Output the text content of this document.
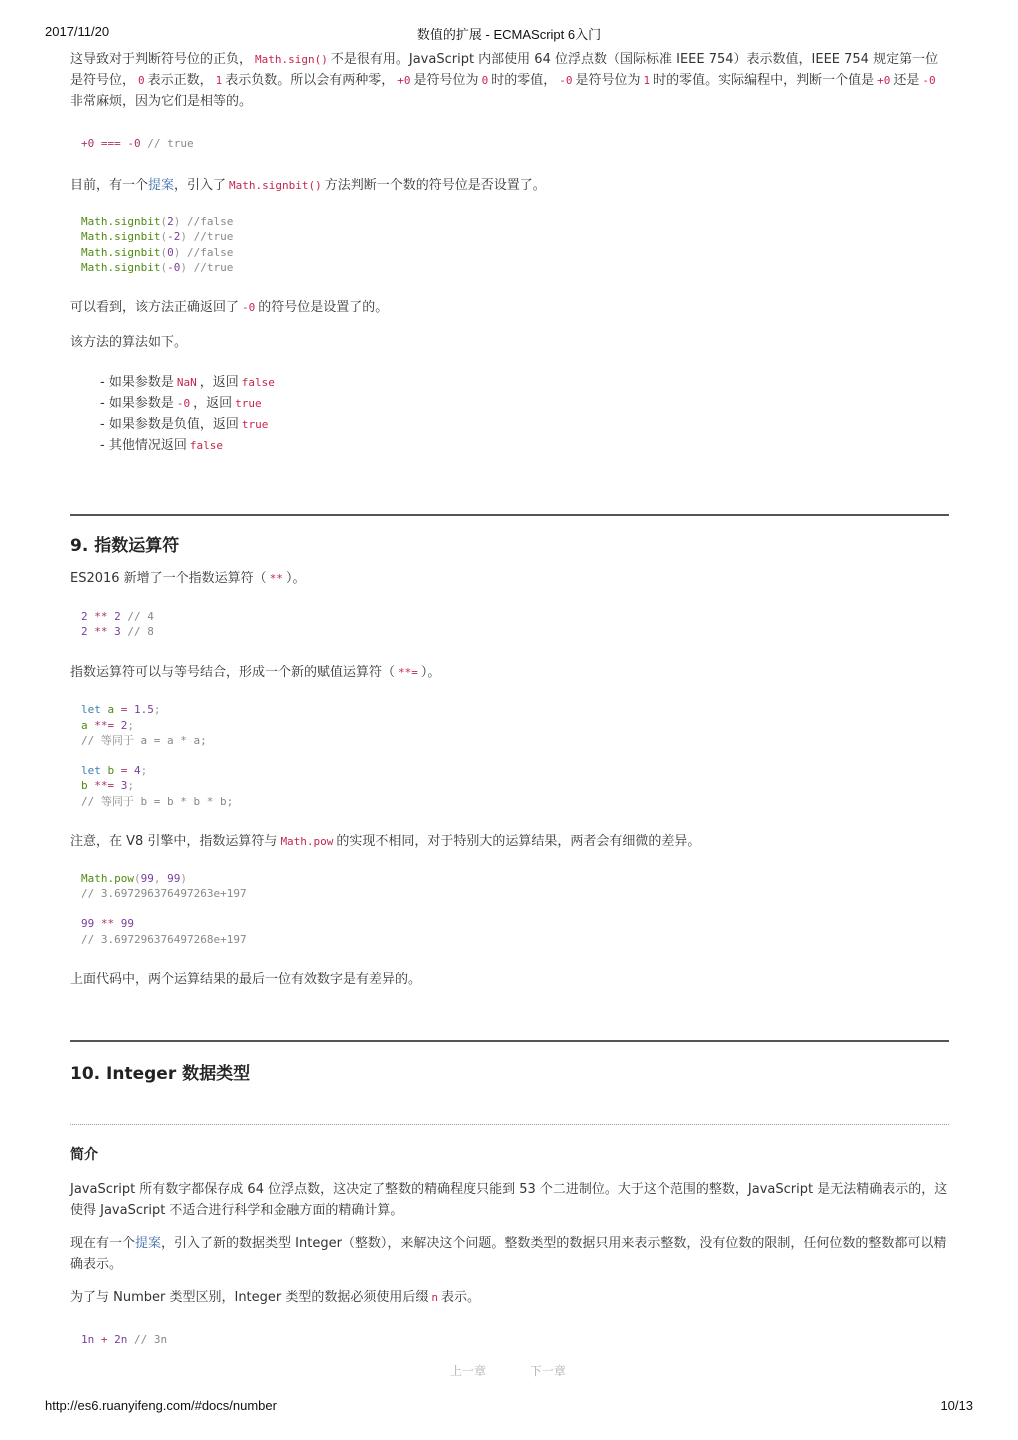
2017/11/20	数值的扩展 - ECMAScript 6入门

这导致对于判断符号位的正负， Math.sign() 不是很有用。JavaScript 内部使用 64 位浮点数（国际标准 IEEE 754）表示数值，IEEE 754 规定第一位是符号位， 0 表示正数， 1 表示负数。所以会有两种零， +0 是符号位为 0 时的零值， -0 是符号位为 1 时的零值。实际编程中，判断一个值是 +0 还是 -0非常麻烦，因为它们是相等的。

+0 === -0 // true

目前，有一个提案，引入了 Math.signbit() 方法判断一个数的符号位是否设置了。

Math.signbit(2) //false
Math.signbit(-2) //true
Math.signbit(0) //false
Math.signbit(-0) //true

可以看到，该方法正确返回了 -0 的符号位是设置了的。

该方法的算法如下。

- 如果参数是 NaN ，返回 false
- 如果参数是 -0 ，返回 true
- 如果参数是负值，返回 true
- 其他情况返回 false
9. 指数运算符

ES2016 新增了一个指数运算符（ ** ）。

2 ** 2 // 4
2 ** 3 // 8

指数运算符可以与等号结合，形成一个新的赋值运算符（ **= ）。

let a = 1.5;
a **= 2;
// 等同于 a = a * a;

let b = 4;
b **= 3;
// 等同于 b = b * b * b;

注意，在 V8 引擎中，指数运算符与 Math.pow 的实现不相同，对于特别大的运算结果，两者会有细微的差异。

Math.pow(99, 99)
// 3.697296376497263e+197

99 ** 99
// 3.697296376497268e+197

上面代码中，两个运算结果的最后一位有效数字是有差异的。

10. Integer 数据类型
简介

JavaScript 所有数字都保存成 64 位浮点数，这决定了整数的精确程度只能到 53 个二进制位。大于这个范围的整数，JavaScript 是无法精确表示的，这使得 JavaScript 不适合进行科学和金融方面的精确计算。

现在有一个提案，引入了新的数据类型 Integer（整数），来解决这个问题。整数类型的数据只用来表示整数，没有位数的限制，任何位数的整数都可以精确表示。

为了与 Number 类型区别，Integer 类型的数据必须使用后缀 n 表示。

1n + 2n // 3n
上一章	下一章
http://es6.ruanyifeng.com/#docs/number	10/13
